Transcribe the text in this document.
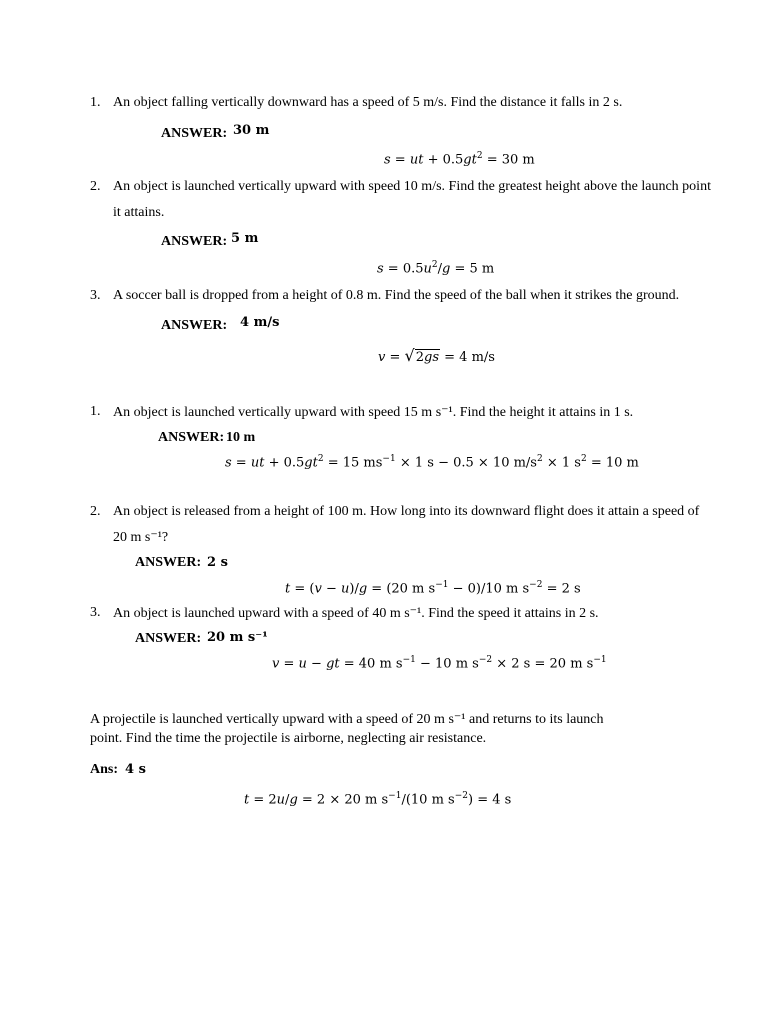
1. An object falling vertically downward has a speed of 5 m/s. Find the distance it falls in 2 s.
ANSWER: 30 m
s = ut + $0.5gt^2 = 30$ m
2. An object is launched vertically upward with speed 10 m/s. Find the greatest height above the launch point
it attains.
ANSWER: 5 m
$s = 0.5u^2/g = 5$ m
3. A soccer ball is dropped from a height of 0.8 m. Find the speed of the ball when it strikes the ground.
ANSWER: 4 m/s
v = √2gs = 4 m/s
1. An object is launched vertically upward with speed 15 m s⁻¹. Find the height it attains in 1 s.
ANSWER: 10 m
s = ut + $0.5gt^2 = 15$ $ms^{-1} \times 1$ s − 0.5 × 10 $m/s^2 \times 1$ $s^2 = 10$ m
2. An object is released from a height of 100 m. How long into its downward flight does it attain a speed of
20 m s⁻¹?
ANSWER: 2 s
t = (v − u)/g = (20 m $s^{-1} - 0)/10$ m $s^{-2} = 2$ s
3. An object is launched upward with a speed of 40 m s⁻¹. Find the speed it attains in 2 s.
ANSWER: 20 m s⁻¹
v = u − gt = 40 m $s^{-1} - 10$ m $s^{-2} \times 2$ s = 20 m $s^{-1}$
A projectile is launched vertically upward with a speed of 20 m s⁻¹ and returns to its launch
point. Find the time the projectile is airborne, neglecting air resistance.
Ans: 4 s
t = 2u/g = 2 × 20 m $s^{-1}/(10$ m $s^{-2}) = 4$ s
